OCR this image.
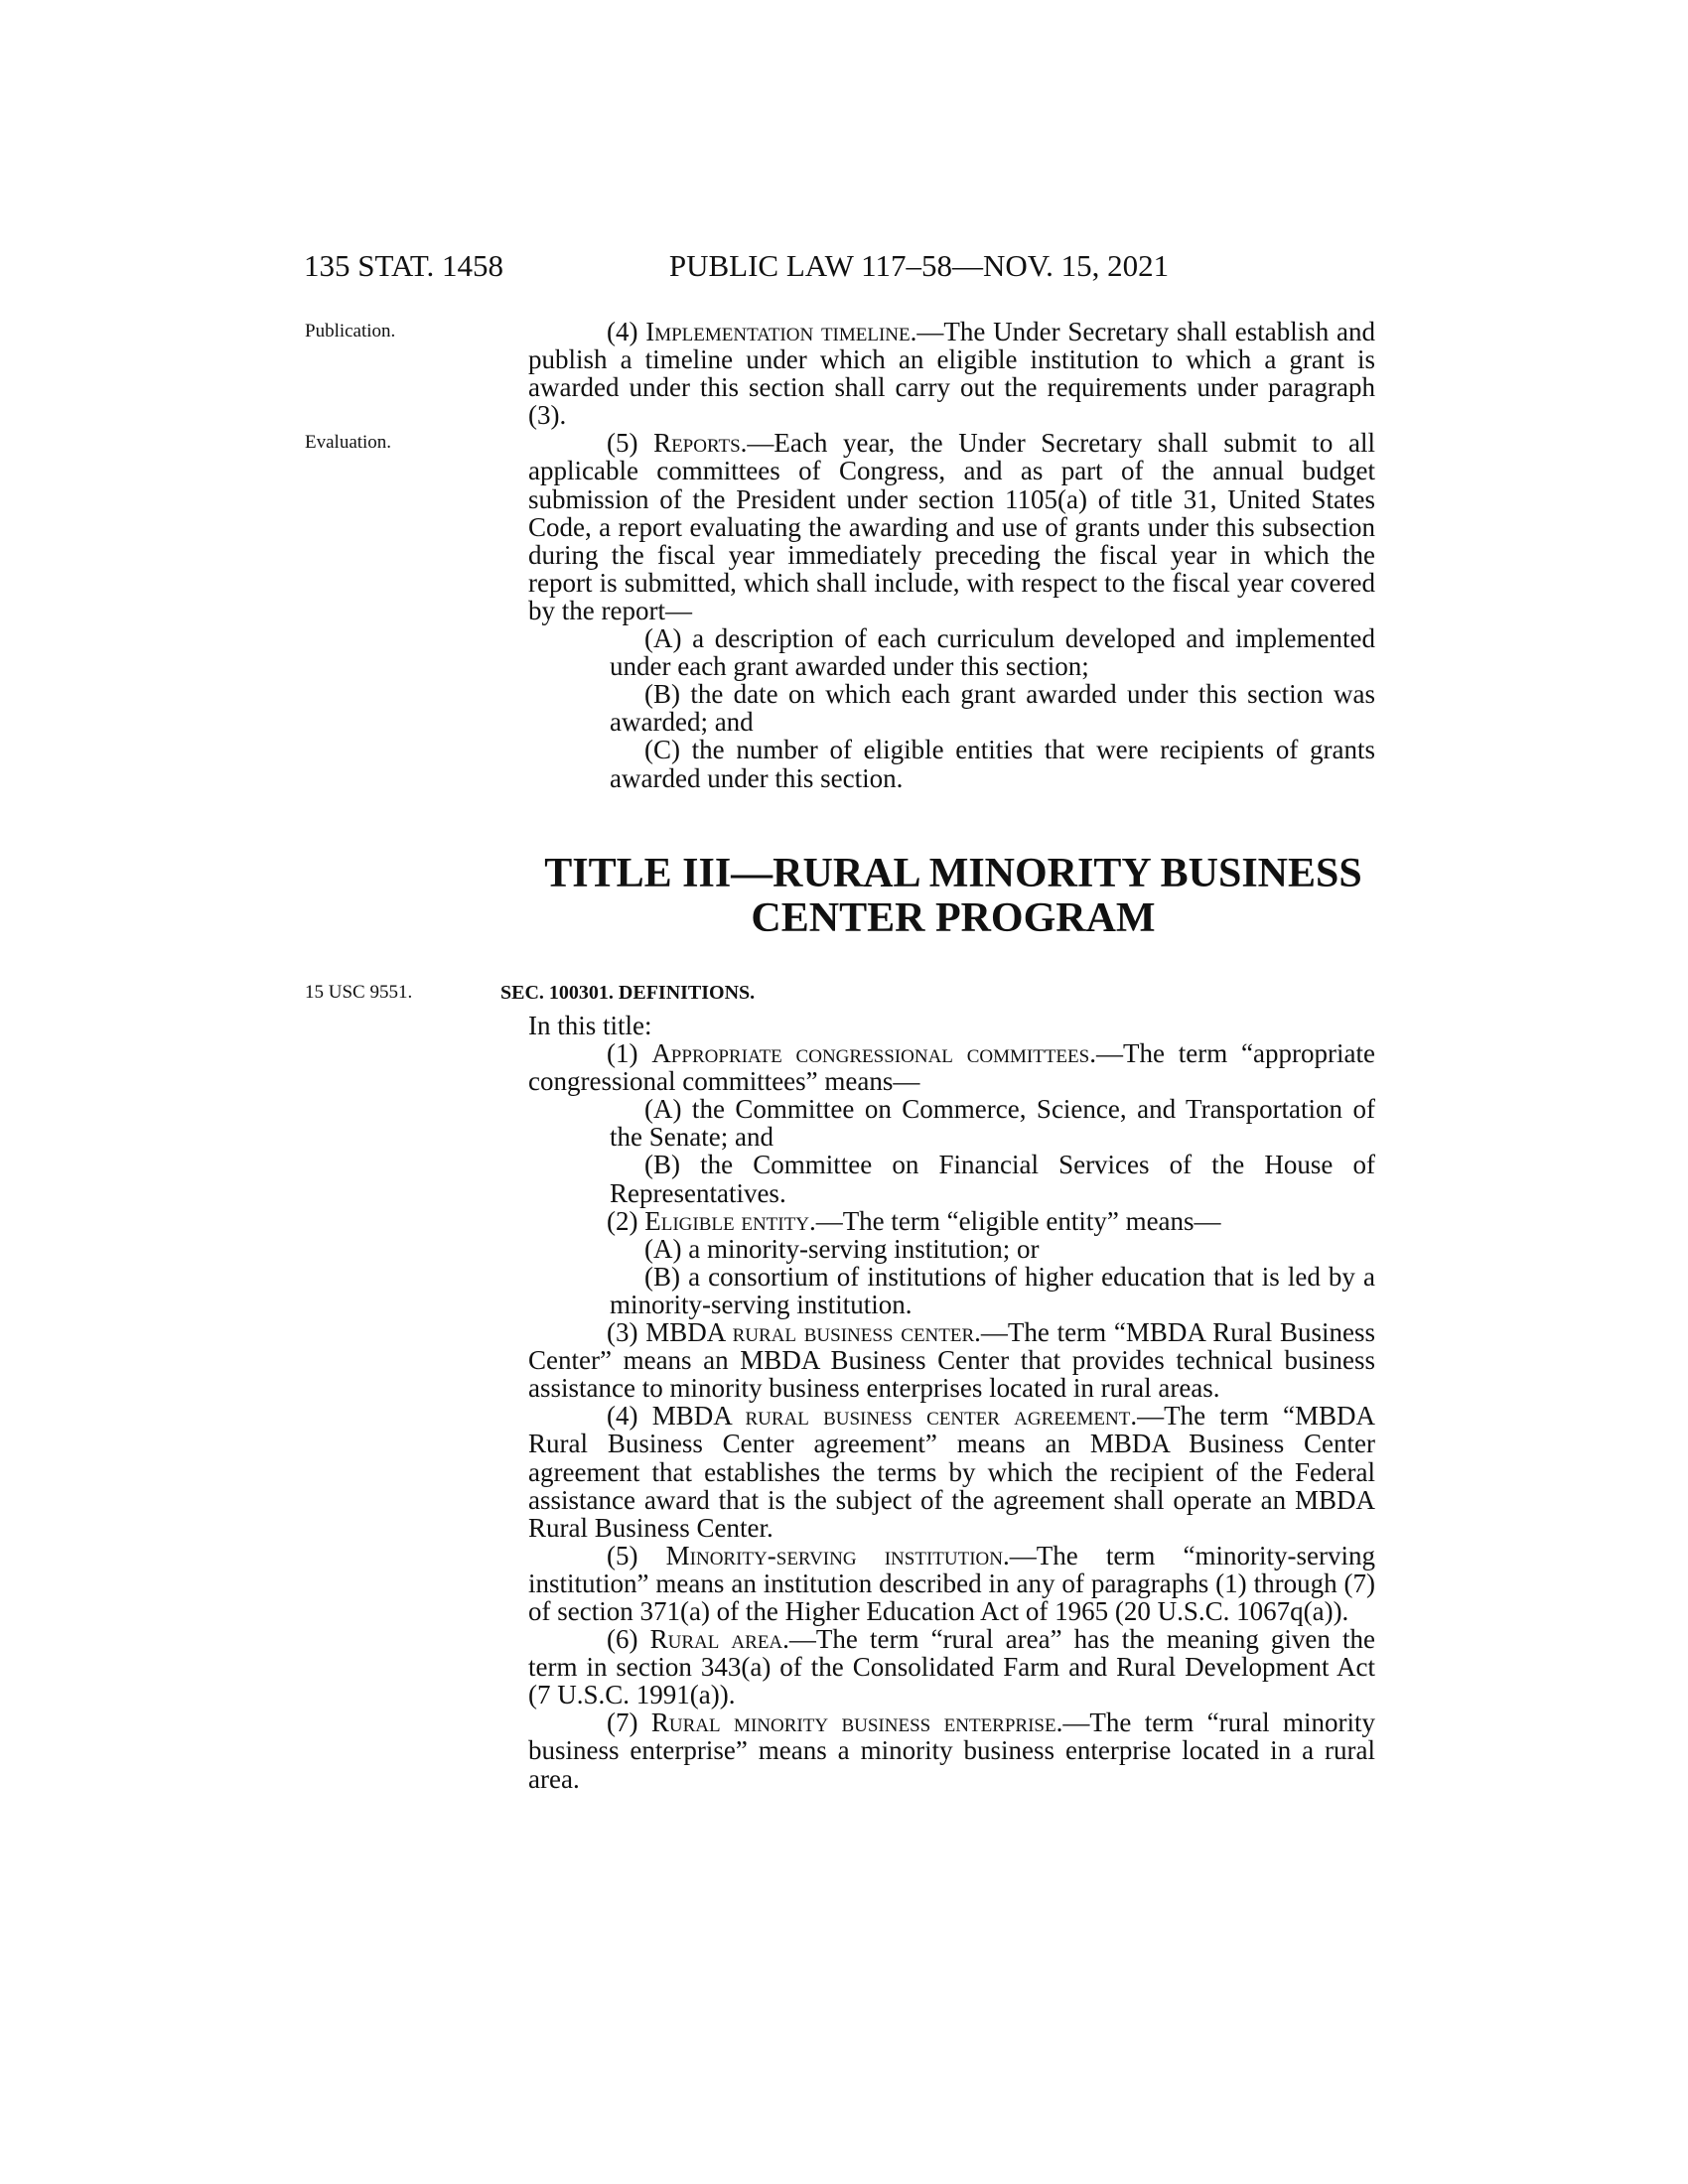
135 STAT. 1458	PUBLIC LAW 117–58—NOV. 15, 2021
Publication.
Evaluation.
15 USC 9551.
(4) Implementation timeline.—The Under Secretary shall establish and publish a timeline under which an eligible institution to which a grant is awarded under this section shall carry out the requirements under paragraph (3).
(5) Reports.—Each year, the Under Secretary shall submit to all applicable committees of Congress, and as part of the annual budget submission of the President under section 1105(a) of title 31, United States Code, a report evaluating the awarding and use of grants under this subsection during the fiscal year immediately preceding the fiscal year in which the report is submitted, which shall include, with respect to the fiscal year covered by the report—
(A) a description of each curriculum developed and implemented under each grant awarded under this section;
(B) the date on which each grant awarded under this section was awarded; and
(C) the number of eligible entities that were recipients of grants awarded under this section.
TITLE III—RURAL MINORITY BUSINESS
CENTER PROGRAM
SEC. 100301. DEFINITIONS.
In this title:
(1) Appropriate congressional committees.—The term “appropriate congressional committees” means—
(A) the Committee on Commerce, Science, and Transportation of the Senate; and
(B) the Committee on Financial Services of the House of Representatives.
(2) Eligible entity.—The term “eligible entity” means—
(A) a minority-serving institution; or
(B) a consortium of institutions of higher education that is led by a minority-serving institution.
(3) MBDA rural business center.—The term “MBDA Rural Business Center” means an MBDA Business Center that provides technical business assistance to minority business enterprises located in rural areas.
(4) MBDA rural business center agreement.—The term “MBDA Rural Business Center agreement” means an MBDA Business Center agreement that establishes the terms by which the recipient of the Federal assistance award that is the subject of the agreement shall operate an MBDA Rural Business Center.
(5) Minority-serving institution.—The term “minority-serving institution” means an institution described in any of paragraphs (1) through (7) of section 371(a) of the Higher Education Act of 1965 (20 U.S.C. 1067q(a)).
(6) Rural area.—The term “rural area” has the meaning given the term in section 343(a) of the Consolidated Farm and Rural Development Act (7 U.S.C. 1991(a)).
(7) Rural minority business enterprise.—The term “rural minority business enterprise” means a minority business enterprise located in a rural area.
